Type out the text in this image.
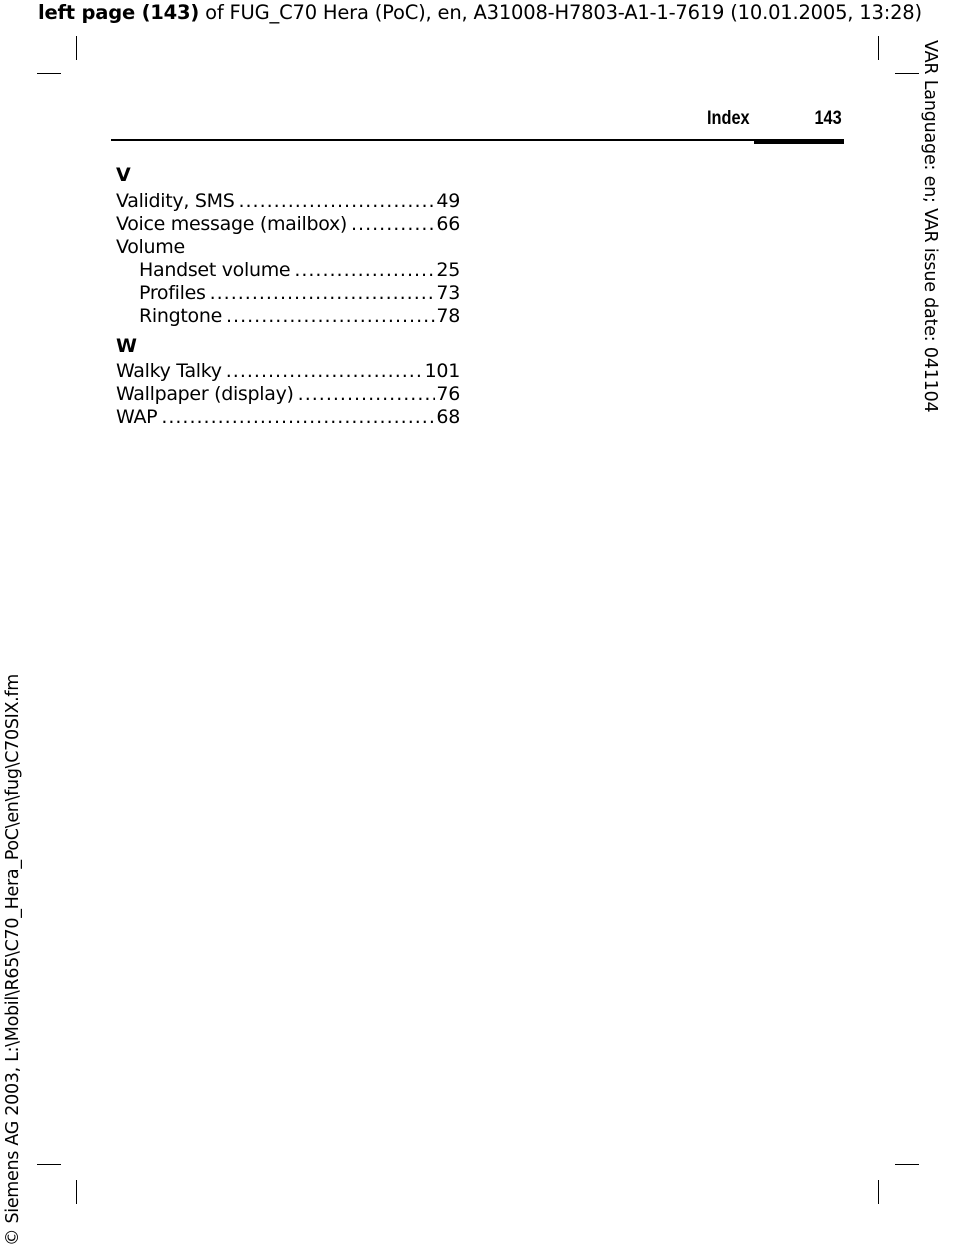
left page (143) of FUG_C70 Hera (PoC), en, A31008-H7803-A1-1-7619 (10.01.2005, 13:28)
Index	143
V
Validity, SMS .....	49
Voice message (mailbox) .....	66
Volume
Handset volume .....	25
Profiles .....	73
Ringtone .....	78
W
Walky Talky .....	101
Wallpaper (display) .....	76
WAP .....	68
VAR Language: en; VAR issue date: 041104
© Siemens AG 2003, L:\Mobil\R65\C70_Hera_PoC\en\fug\C70SIX.fm
